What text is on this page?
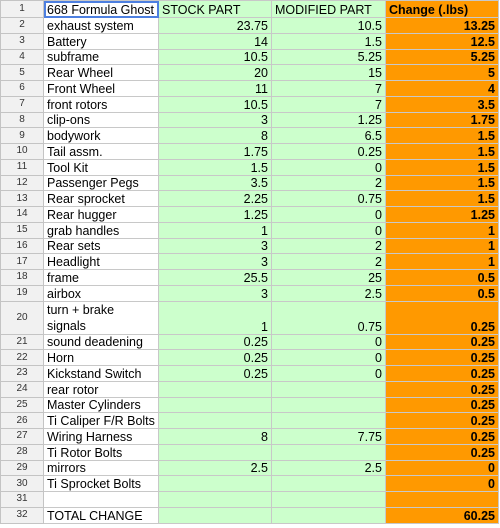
1	668 Formula Ghost	STOCK PART	MODIFIED PART	Change (.lbs)
2	exhaust system	23.75	10.5	13.25
3	Battery	14	1.5	12.5
4	subframe	10.5	5.25	5.25
5	Rear Wheel	20	15	5
6	Front Wheel	11	7	4
7	front rotors	10.5	7	3.5
8	clip-ons	3	1.25	1.75
9	bodywork	8	6.5	1.5
10	Tail assm.	1.75	0.25	1.5
11	Tool Kit	1.5	0	1.5
12	Passenger Pegs	3.5	2	1.5
13	Rear sprocket	2.25	0.75	1.5
14	Rear hugger	1.25	0	1.25
15	grab handles	1	0	1
16	Rear sets	3	2	1
17	Headlight	3	2	1
18	frame	25.5	25	0.5
19	airbox	3	2.5	0.5
20	turn + brake signals	1	0.75	0.25
21	sound deadening	0.25	0	0.25
22	Horn	0.25	0	0.25
23	Kickstand Switch	0.25	0	0.25
24	rear rotor			0.25
25	Master Cylinders			0.25
26	Ti Caliper F/R Bolts			0.25
27	Wiring Harness	8	7.75	0.25
28	Ti Rotor Bolts			0.25
29	mirrors	2.5	2.5	0
30	Ti Sprocket Bolts			0
31				
32	TOTAL CHANGE			60.25
